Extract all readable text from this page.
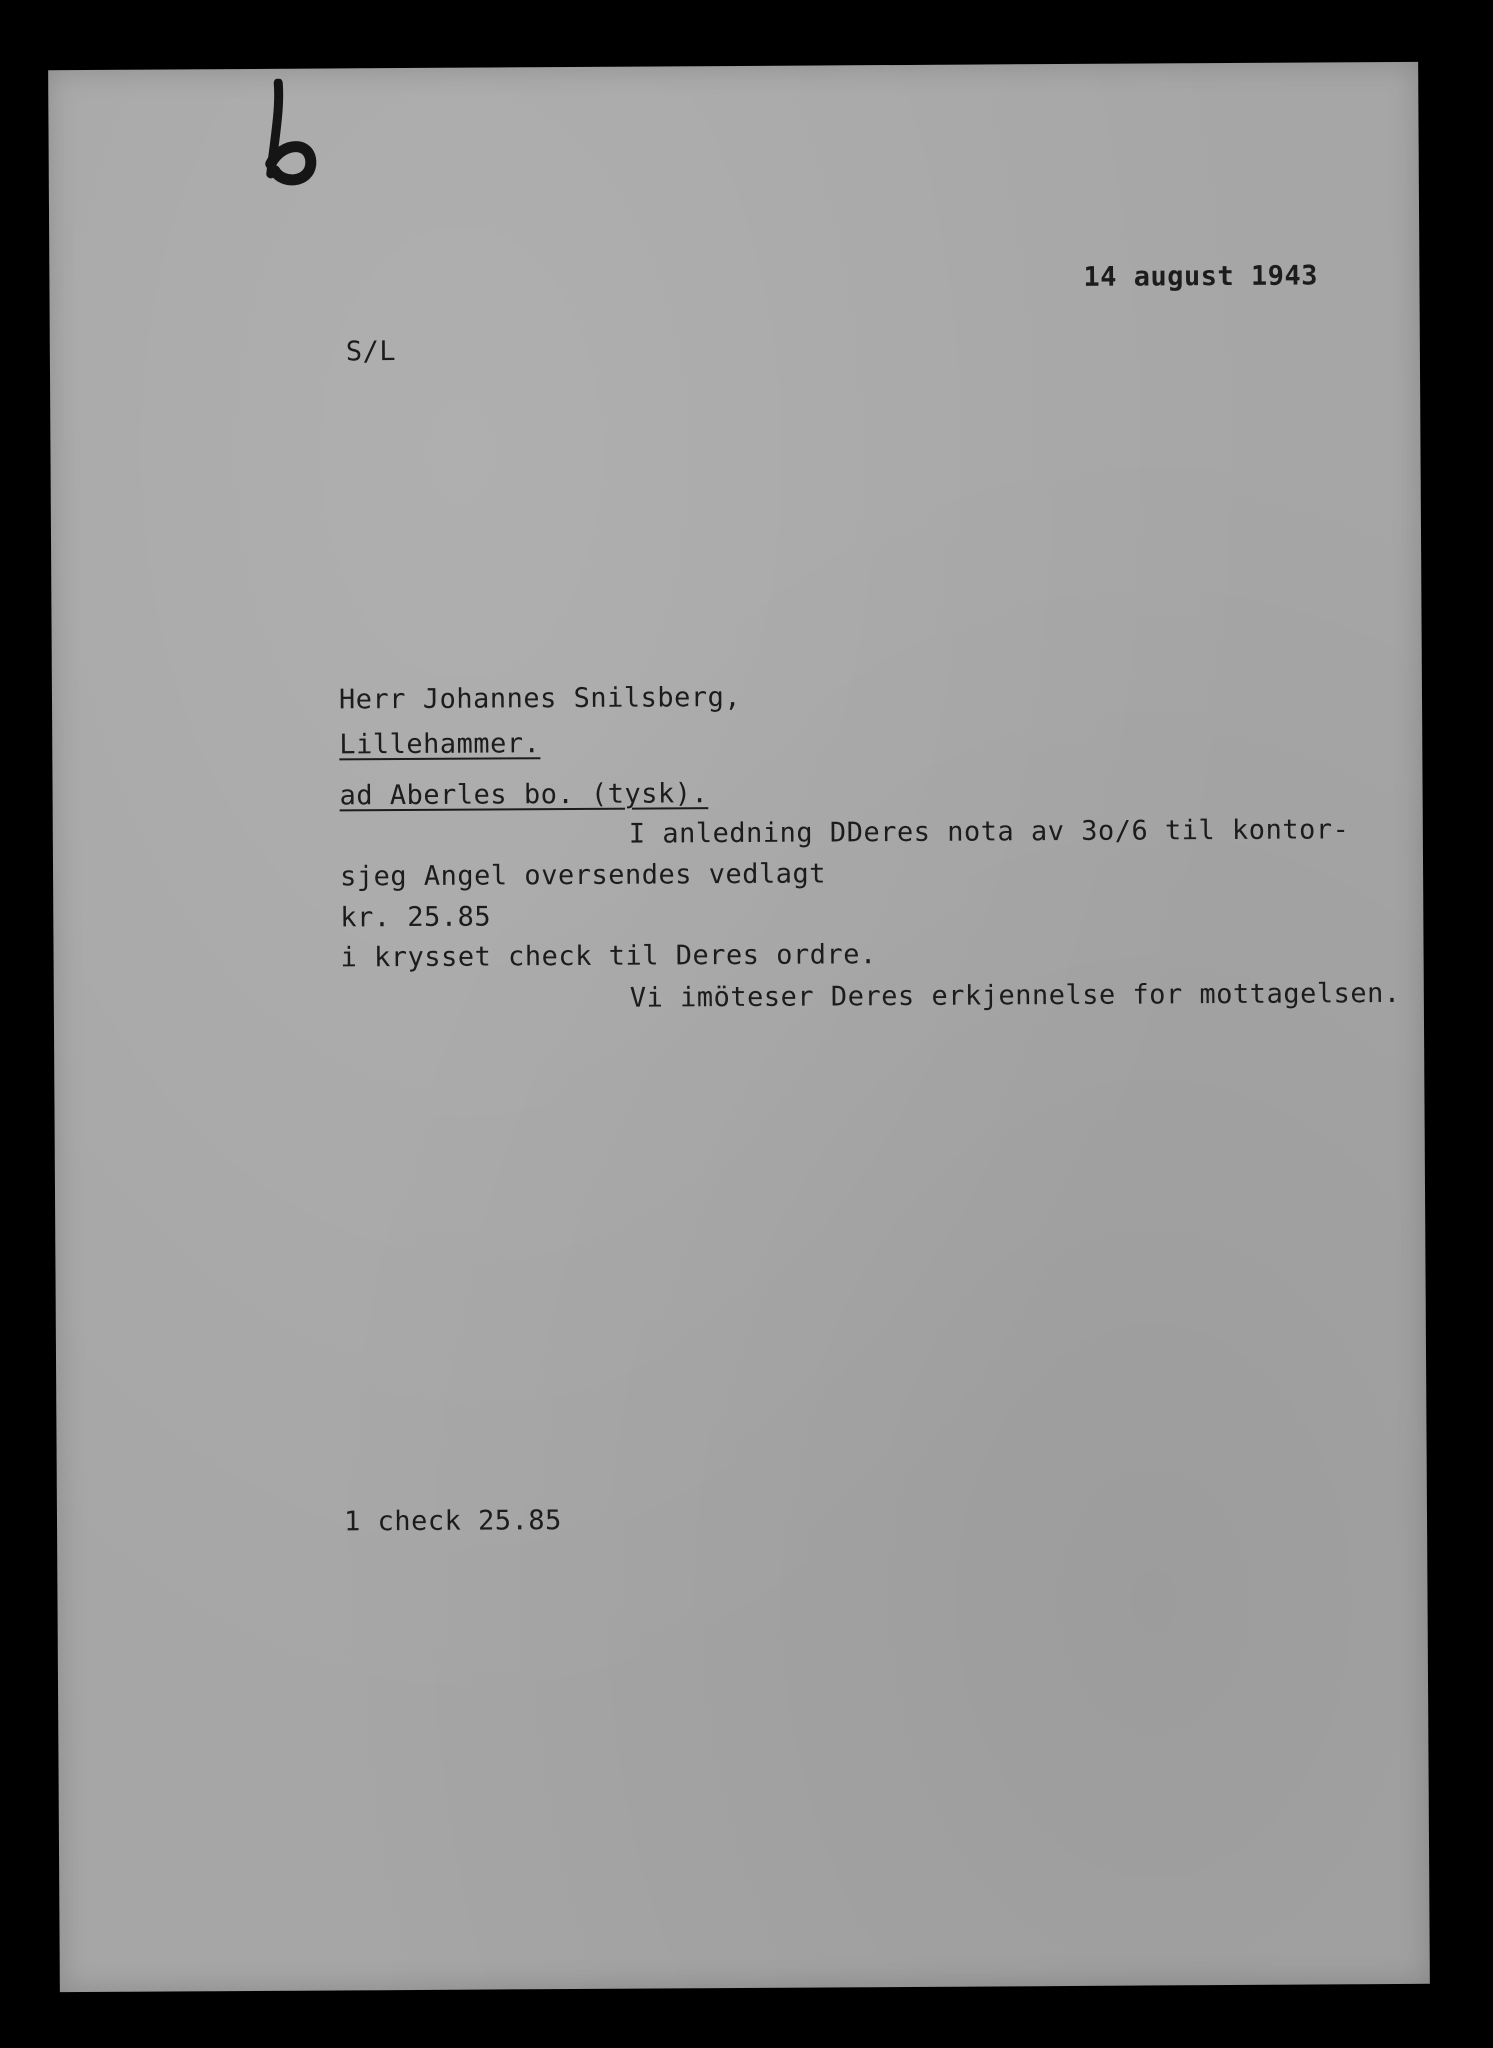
6
14 august 1943
S/L
Herr Johannes Snilsberg,
Lillehammer.
ad Aberles bo. (tysk).
I anledning DDeres nota av 3o/6 til kontor-
sjeg Angel oversendes vedlagt
kr. 25.85
i krysset check til Deres ordre.
Vi imöteser Deres erkjennelse for mottagelsen.
1 check 25.85
